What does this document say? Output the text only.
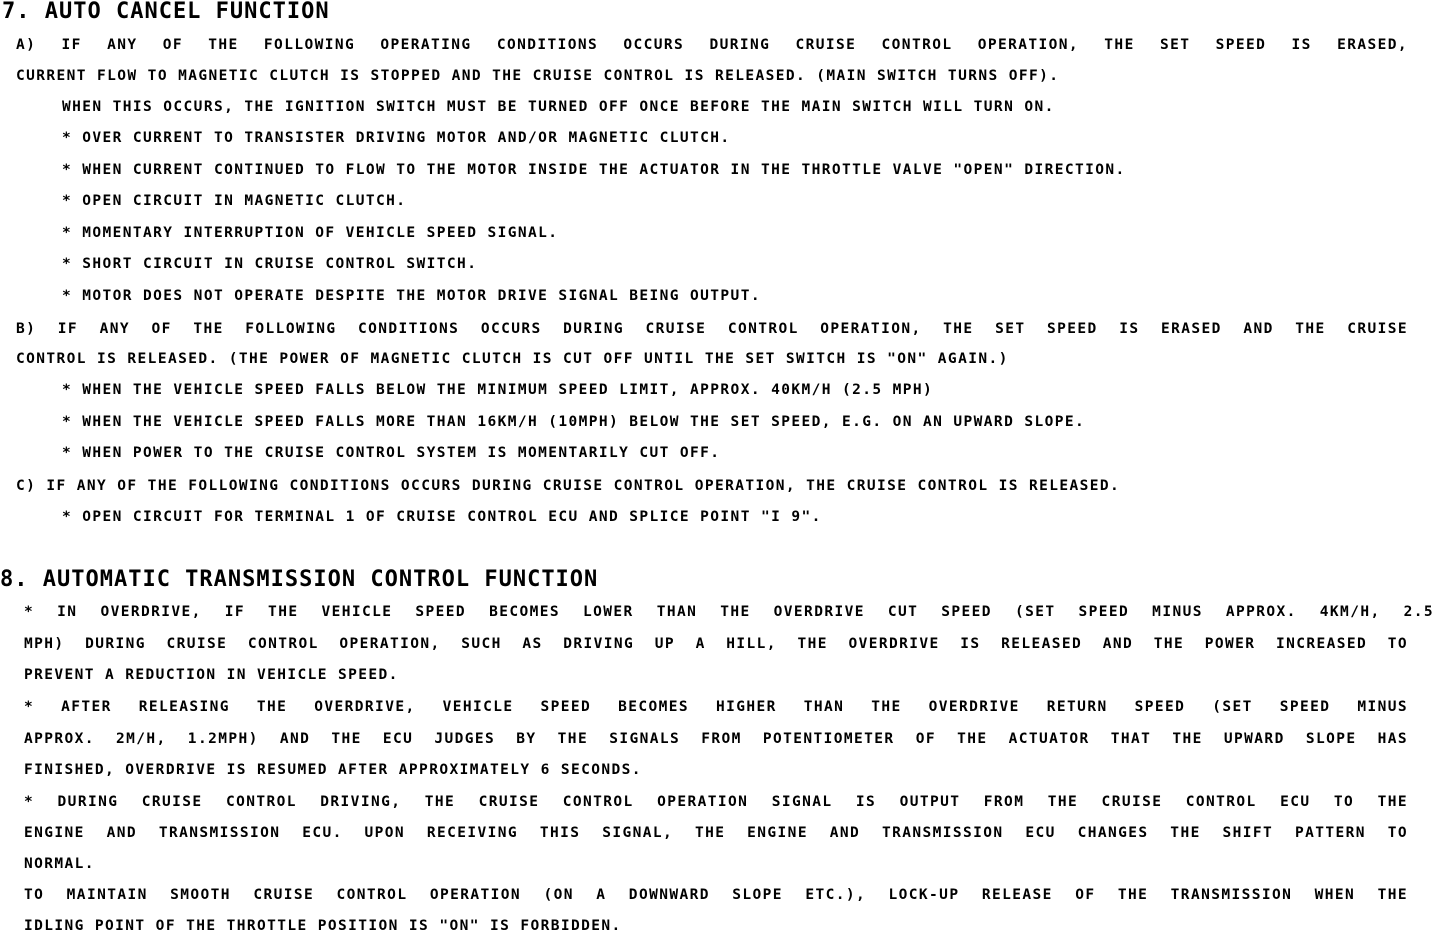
7. AUTO CANCEL FUNCTION
A) IF ANY OF THE FOLLOWING OPERATING CONDITIONS OCCURS DURING CRUISE CONTROL OPERATION, THE SET SPEED IS ERASED,
CURRENT FLOW TO MAGNETIC CLUTCH IS STOPPED AND THE CRUISE CONTROL IS RELEASED. (MAIN SWITCH TURNS OFF).
WHEN THIS OCCURS, THE IGNITION SWITCH MUST BE TURNED OFF ONCE BEFORE THE MAIN SWITCH WILL TURN ON.
* OVER CURRENT TO TRANSISTER DRIVING MOTOR AND/OR MAGNETIC CLUTCH.
* WHEN CURRENT CONTINUED TO FLOW TO THE MOTOR INSIDE THE ACTUATOR IN THE THROTTLE VALVE "OPEN" DIRECTION.
* OPEN CIRCUIT IN MAGNETIC CLUTCH.
* MOMENTARY INTERRUPTION OF VEHICLE SPEED SIGNAL.
* SHORT CIRCUIT IN CRUISE CONTROL SWITCH.
* MOTOR DOES NOT OPERATE DESPITE THE MOTOR DRIVE SIGNAL BEING OUTPUT.
B) IF ANY OF THE FOLLOWING CONDITIONS OCCURS DURING CRUISE CONTROL OPERATION, THE SET SPEED IS ERASED AND THE CRUISE
CONTROL IS RELEASED. (THE POWER OF MAGNETIC CLUTCH IS CUT OFF UNTIL THE SET SWITCH IS "ON" AGAIN.)
* WHEN THE VEHICLE SPEED FALLS BELOW THE MINIMUM SPEED LIMIT, APPROX. 40KM/H (2.5 MPH)
* WHEN THE VEHICLE SPEED FALLS MORE THAN 16KM/H (10MPH) BELOW THE SET SPEED, E.G. ON AN UPWARD SLOPE.
* WHEN POWER TO THE CRUISE CONTROL SYSTEM IS MOMENTARILY CUT OFF.
C) IF ANY OF THE FOLLOWING CONDITIONS OCCURS DURING CRUISE CONTROL OPERATION, THE CRUISE CONTROL IS RELEASED.
* OPEN CIRCUIT FOR TERMINAL 1 OF CRUISE CONTROL ECU AND SPLICE POINT "I 9".
8. AUTOMATIC TRANSMISSION CONTROL FUNCTION
* IN OVERDRIVE, IF THE VEHICLE SPEED BECOMES LOWER THAN THE OVERDRIVE CUT SPEED (SET SPEED MINUS APPROX. 4KM/H, 2.5
MPH) DURING CRUISE CONTROL OPERATION, SUCH AS DRIVING UP A HILL, THE OVERDRIVE IS RELEASED AND THE POWER INCREASED TO
PREVENT A REDUCTION IN VEHICLE SPEED.
* AFTER RELEASING THE OVERDRIVE, VEHICLE SPEED BECOMES HIGHER THAN THE OVERDRIVE RETURN SPEED (SET SPEED MINUS
APPROX. 2M/H, 1.2MPH) AND THE ECU JUDGES BY THE SIGNALS FROM POTENTIOMETER OF THE ACTUATOR THAT THE UPWARD SLOPE HAS
FINISHED, OVERDRIVE IS RESUMED AFTER APPROXIMATELY 6 SECONDS.
* DURING CRUISE CONTROL DRIVING, THE CRUISE CONTROL OPERATION SIGNAL IS OUTPUT FROM THE CRUISE CONTROL ECU TO THE
ENGINE AND TRANSMISSION ECU. UPON RECEIVING THIS SIGNAL, THE ENGINE AND TRANSMISSION ECU CHANGES THE SHIFT PATTERN TO
NORMAL.
TO MAINTAIN SMOOTH CRUISE CONTROL OPERATION (ON A DOWNWARD SLOPE ETC.), LOCK-UP RELEASE OF THE TRANSMISSION WHEN THE
IDLING POINT OF THE THROTTLE POSITION IS "ON" IS FORBIDDEN.
